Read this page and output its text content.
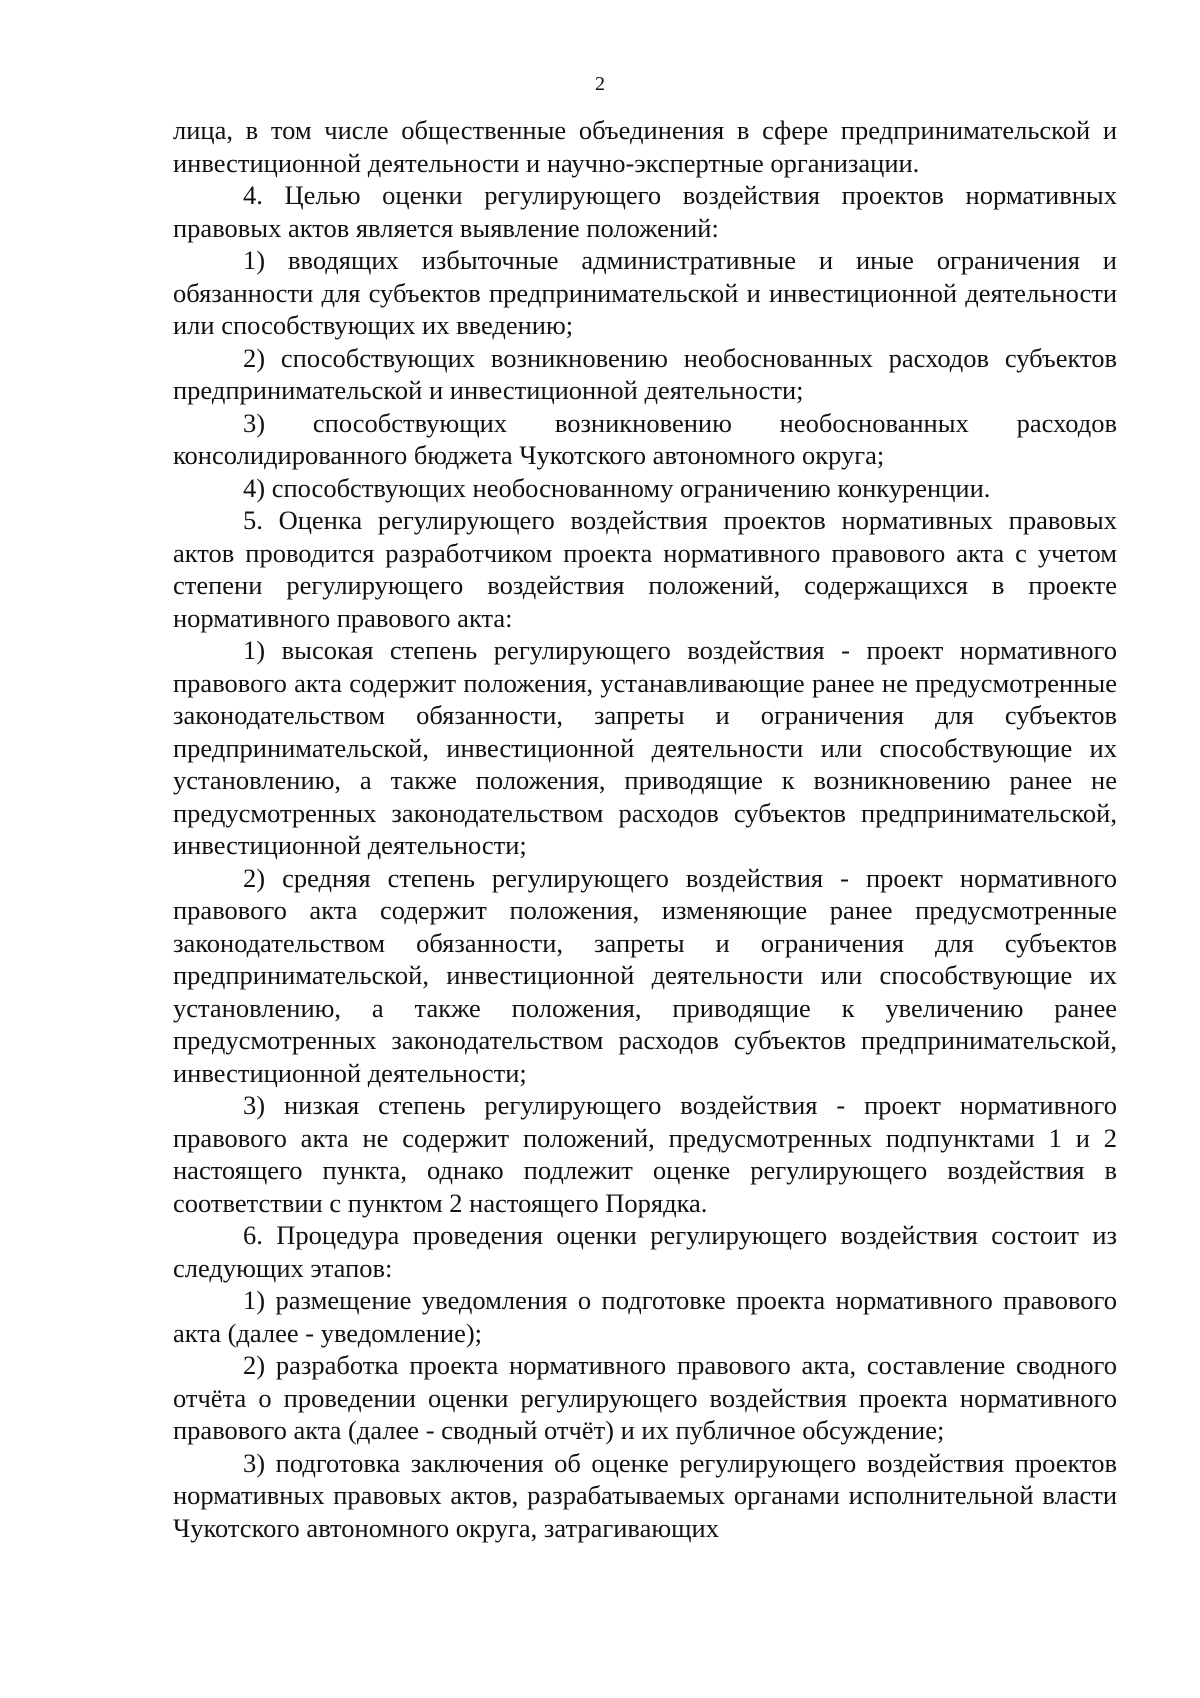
2

лица, в том числе общественные объединения в сфере предпринимательской и инвестиционной деятельности и научно-экспертные организации.

4. Целью оценки регулирующего воздействия проектов нормативных правовых актов является выявление положений:

1) вводящих избыточные административные и иные ограничения и обязанности для субъектов предпринимательской и инвестиционной деятельности или способствующих их введению;

2) способствующих возникновению необоснованных расходов субъектов предпринимательской и инвестиционной деятельности;

3) способствующих возникновению необоснованных расходов консолидированного бюджета Чукотского автономного округа;

4) способствующих необоснованному ограничению конкуренции.

5. Оценка регулирующего воздействия проектов нормативных правовых актов проводится разработчиком проекта нормативного правового акта с учетом степени регулирующего воздействия положений, содержащихся в проекте нормативного правового акта:

1) высокая степень регулирующего воздействия - проект нормативного правового акта содержит положения, устанавливающие ранее не предусмотренные законодательством обязанности, запреты и ограничения для субъектов предпринимательской, инвестиционной деятельности или способствующие их установлению, а также положения, приводящие к возникновению ранее не предусмотренных законодательством расходов субъектов предпринимательской, инвестиционной деятельности;

2) средняя степень регулирующего воздействия - проект нормативного правового акта содержит положения, изменяющие ранее предусмотренные законодательством обязанности, запреты и ограничения для субъектов предпринимательской, инвестиционной деятельности или способствующие их установлению, а также положения, приводящие к увеличению ранее предусмотренных законодательством расходов субъектов предпринимательской, инвестиционной деятельности;

3) низкая степень регулирующего воздействия - проект нормативного правового акта не содержит положений, предусмотренных подпунктами 1 и 2 настоящего пункта, однако подлежит оценке регулирующего воздействия в соответствии с пунктом 2 настоящего Порядка.

6. Процедура проведения оценки регулирующего воздействия состоит из следующих этапов:

1) размещение уведомления о подготовке проекта нормативного правового акта (далее - уведомление);

2) разработка проекта нормативного правового акта, составление сводного отчёта о проведении оценки регулирующего воздействия проекта нормативного правового акта (далее - сводный отчёт) и их публичное обсуждение;

3) подготовка заключения об оценке регулирующего воздействия проектов нормативных правовых актов, разрабатываемых органами исполнительной власти Чукотского автономного округа, затрагивающих
